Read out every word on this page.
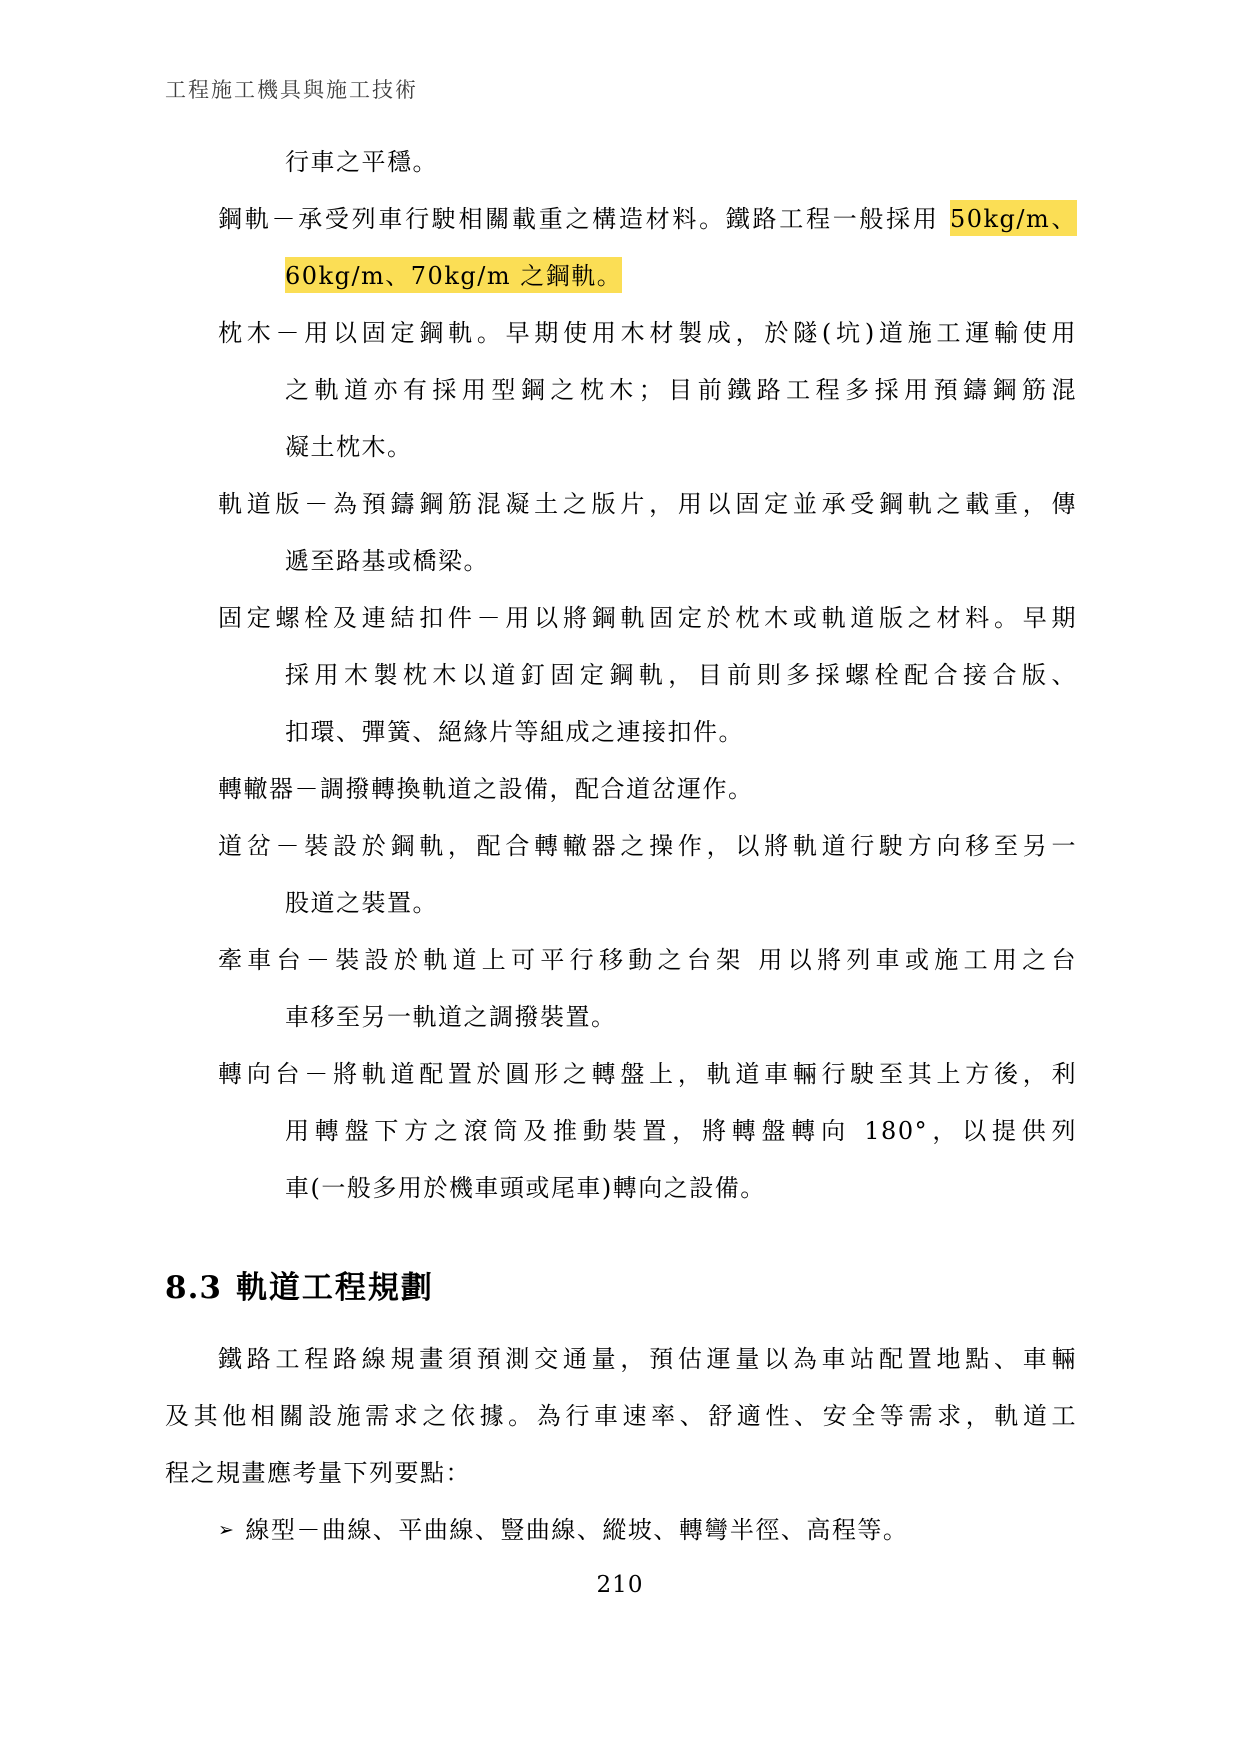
工程施工機具與施工技術
行車之平穩。
鋼軌－承受列車行駛相關載重之構造材料。鐵路工程一般採用 50kg/m、
60kg/m、70kg/m 之鋼軌。
枕木－用以固定鋼軌。早期使用木材製成，於隧(坑)道施工運輸使用
之軌道亦有採用型鋼之枕木；目前鐵路工程多採用預鑄鋼筋混
凝土枕木。
軌道版－為預鑄鋼筋混凝土之版片，用以固定並承受鋼軌之載重，傳
遞至路基或橋梁。
固定螺栓及連結扣件－用以將鋼軌固定於枕木或軌道版之材料。早期
採用木製枕木以道釘固定鋼軌，目前則多採螺栓配合接合版、
扣環、彈簧、絕緣片等組成之連接扣件。
轉轍器－調撥轉換軌道之設備，配合道岔運作。
道岔－裝設於鋼軌，配合轉轍器之操作，以將軌道行駛方向移至另一
股道之裝置。
牽車台－裝設於軌道上可平行移動之台架 用以將列車或施工用之台
車移至另一軌道之調撥裝置。
轉向台－將軌道配置於圓形之轉盤上，軌道車輛行駛至其上方後，利
用轉盤下方之滾筒及推動裝置，將轉盤轉向 180°，以提供列
車(一般多用於機車頭或尾車)轉向之設備。
8.3 軌道工程規劃
鐵路工程路線規畫須預測交通量，預估運量以為車站配置地點、車輛
及其他相關設施需求之依據。為行車速率、舒適性、安全等需求，軌道工
程之規畫應考量下列要點：
➢ 線型－曲線、平曲線、豎曲線、縱坡、轉彎半徑、高程等。
210
